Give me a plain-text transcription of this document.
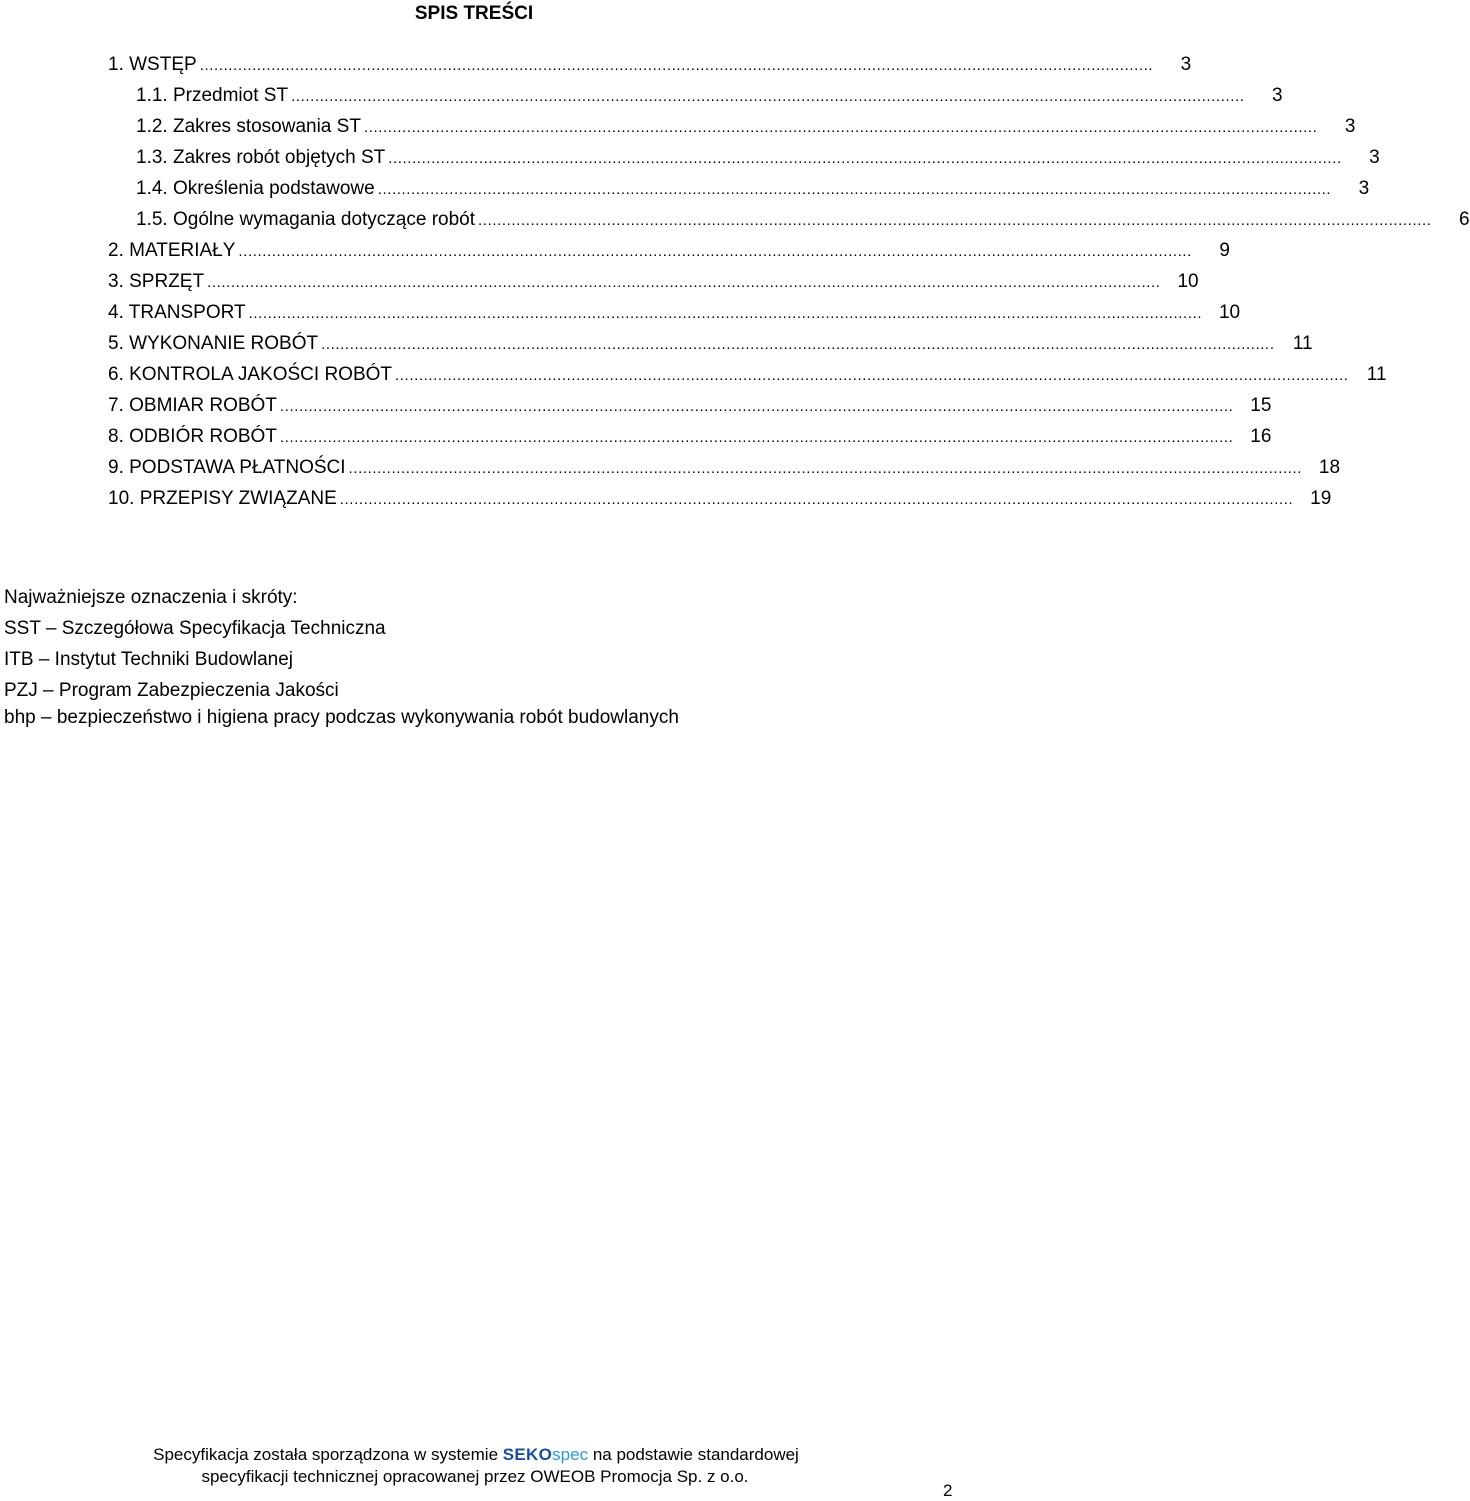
SPIS TREŚCI
1. WSTĘP ........................................................................................................................................................................................................	3
1.1. Przedmiot ST ........................................................................................................................................................................................................	3
1.2. Zakres stosowania ST ........................................................................................................................................................................................................	3
1.3. Zakres robót objętych ST ........................................................................................................................................................................................................	3
1.4. Określenia podstawowe ........................................................................................................................................................................................................	3
1.5. Ogólne wymagania dotyczące robót ........................................................................................................................................................................................................	6
2. MATERIAŁY ........................................................................................................................................................................................................	9
3. SPRZĘT ........................................................................................................................................................................................................ 10
4. TRANSPORT ........................................................................................................................................................................................................ 10
5. WYKONANIE ROBÓT ........................................................................................................................................................................................................ 11
6. KONTROLA JAKOŚCI ROBÓT ........................................................................................................................................................................................................ 11
7. OBMIAR ROBÓT ........................................................................................................................................................................................................ 15
8. ODBIÓR ROBÓT ........................................................................................................................................................................................................ 16
9. PODSTAWA PŁATNOŚCI ........................................................................................................................................................................................................ 18
10. PRZEPISY ZWIĄZANE ........................................................................................................................................................................................................ 19
Najważniejsze oznaczenia i skróty:
SST – Szczegółowa Specyfikacja Techniczna
ITB – Instytut Techniki Budowlanej
PZJ – Program Zabezpieczenia Jakości
bhp – bezpieczeństwo i higiena pracy podczas wykonywania robót budowlanych
Specyfikacja została sporządzona w systemie SEKOspec na podstawie standardowej
specyfikacji technicznej opracowanej przez OWEOB Promocja Sp. z o.o.
2
